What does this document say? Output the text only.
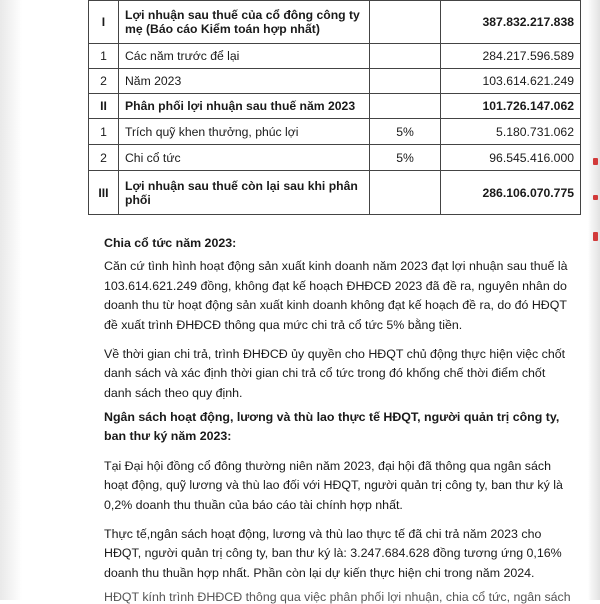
I	Lợi nhuận sau thuế của cổ đông công ty mẹ (Báo cáo Kiểm toán hợp nhất)		387.832.217.838
1	Các năm trước để lại		284.217.596.589
2	Năm 2023		103.614.621.249
II	Phân phối lợi nhuận sau thuế năm 2023		101.726.147.062
1	Trích quỹ khen thưởng, phúc lợi	5%	5.180.731.062
2	Chi cổ tức	5%	96.545.416.000
III	Lợi nhuận sau thuế còn lại sau khi phân phối		286.106.070.775

Chia cổ tức năm 2023:

Căn cứ tình hình hoạt động sản xuất kinh doanh năm 2023 đạt lợi nhuận sau thuế là 103.614.621.249 đồng, không đạt kế hoạch ĐHĐCĐ 2023 đã đề ra, nguyên nhân do doanh thu từ hoạt động sản xuất kinh doanh không đạt kế hoạch đề ra, do đó HĐQT đề xuất trình ĐHĐCĐ thông qua mức chi trả cổ tức 5% bằng tiền.

Về thời gian chi trả, trình ĐHĐCĐ ủy quyền cho HĐQT chủ động thực hiện việc chốt danh sách và xác định thời gian chi trả cổ tức trong đó khống chế thời điểm chốt danh sách theo quy định.

Ngân sách hoạt động, lương và thù lao thực tế HĐQT, người quản trị công ty, ban thư ký năm 2023:

Tại Đại hội đồng cổ đông thường niên năm 2023, đại hội đã thông qua ngân sách hoạt động, quỹ lương và thù lao đối với HĐQT, người quản trị công ty, ban thư ký là 0,2% doanh thu thuần của báo cáo tài chính hợp nhất.

Thực tế,ngân sách hoạt động, lương và thù lao thực tế đã chi trả năm 2023 cho HĐQT, người quản trị công ty, ban thư ký là: 3.247.684.628 đồng tương ứng 0,16% doanh thu thuần hợp nhất. Phần còn lại dự kiến thực hiện chi trong năm 2024.

HĐQT kính trình ĐHĐCĐ thông qua việc phân phối lợi nhuận, chia cổ tức, ngân sách
